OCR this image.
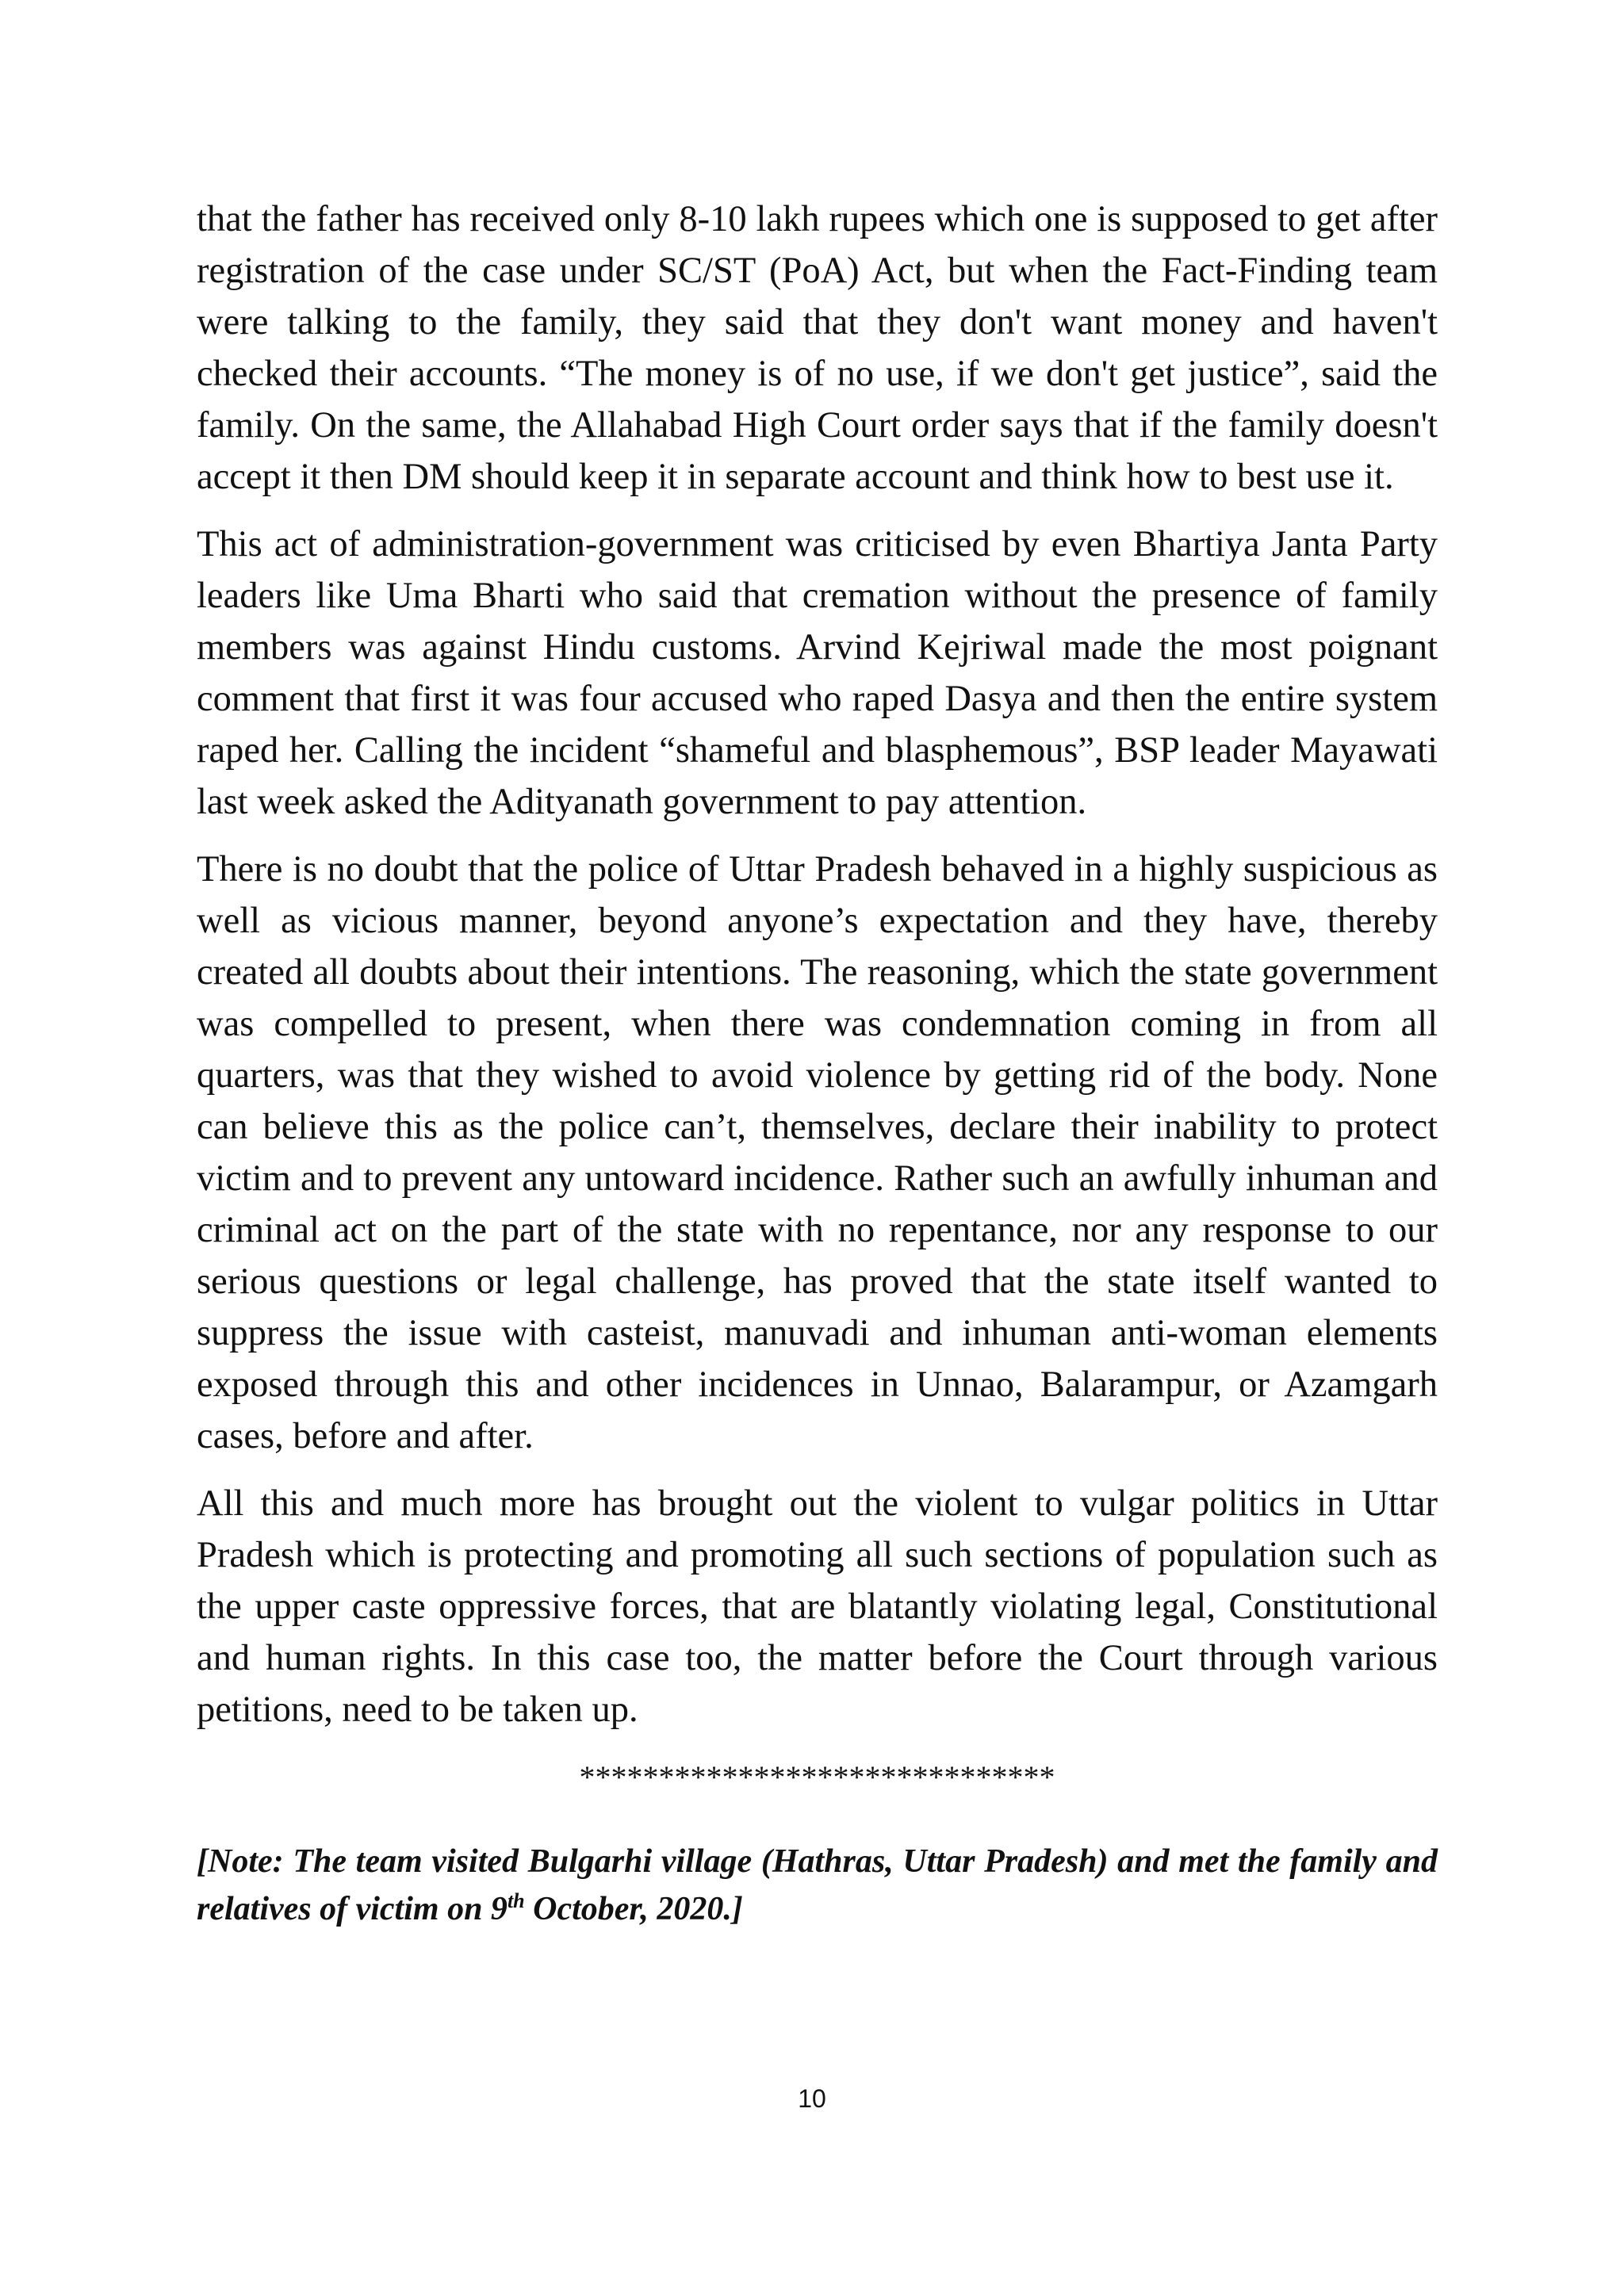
that the father has received only 8-10 lakh rupees which one is supposed to get after registration of the case under SC/ST (PoA) Act, but when the Fact-Finding team were talking to the family, they said that they don't want money and haven't checked their accounts. “The money is of no use, if we don't get justice”, said the family. On the same, the Allahabad High Court order says that if the family doesn't accept it then DM should keep it in separate account and think how to best use it.

This act of administration-government was criticised by even Bhartiya Janta Party leaders like Uma Bharti who said that cremation without the presence of family members was against Hindu customs. Arvind Kejriwal made the most poignant comment that first it was four accused who raped Dasya and then the entire system raped her. Calling the incident “shameful and blasphemous”, BSP leader Mayawati last week asked the Adityanath government to pay attention.

There is no doubt that the police of Uttar Pradesh behaved in a highly suspicious as well as vicious manner, beyond anyone’s expectation and they have, thereby created all doubts about their intentions. The reasoning, which the state government was compelled to present, when there was condemnation coming in from all quarters, was that they wished to avoid violence by getting rid of the body. None can believe this as the police can’t, themselves, declare their inability to protect victim and to prevent any untoward incidence. Rather such an awfully inhuman and criminal act on the part of the state with no repentance, nor any response to our serious questions or legal challenge, has proved that the state itself wanted to suppress the issue with casteist, manuvadi and inhuman anti-woman elements exposed through this and other incidences in Unnao, Balarampur, or Azamgarh cases, before and after.

All this and much more has brought out the violent to vulgar politics in Uttar Pradesh which is protecting and promoting all such sections of population such as the upper caste oppressive forces, that are blatantly violating legal, Constitutional and human rights. In this case too, the matter before the Court through various petitions, need to be taken up.

******************************

[Note: The team visited Bulgarhi village (Hathras, Uttar Pradesh) and met the family and relatives of victim on 9th October, 2020.]

10
